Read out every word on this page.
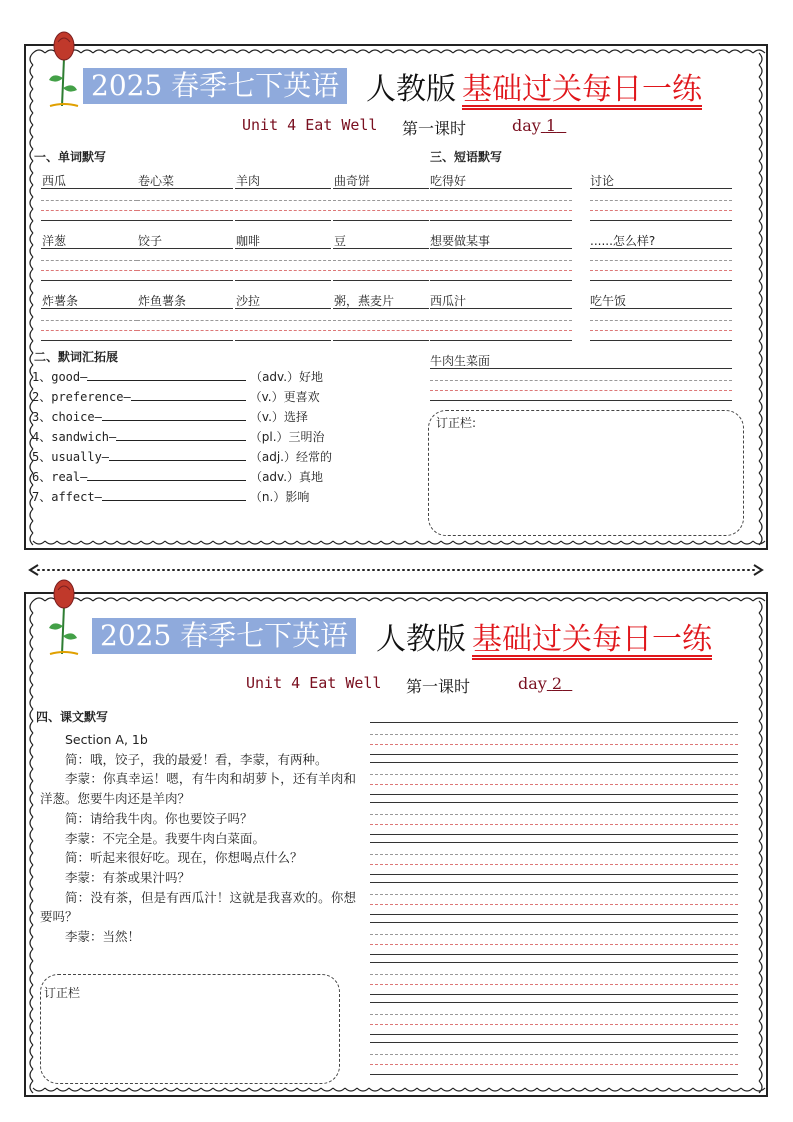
2025 春季七下英语 人教版 基础过关每日一练
Unit 4 Eat Well 第一课时	day 1
一、单词默写	三、短语默写
西瓜	卷心菜	羊肉	曲奇饼
洋葱	饺子	咖啡	豆
炸薯条	炸鱼薯条	沙拉	粥，燕麦片
吃得好	讨论
想要做某事	......怎么样?
西瓜汁	吃午饭
牛肉生菜面
二、默词汇拓展
1、good—	（adv.）好地
2、preference—	（v.）更喜欢
3、choice—	（v.）选择
4、sandwich—	（pl.）三明治
5、usually—	（adj.）经常的
6、real—	（adv.）真地
7、affect—	（n.）影响
订正栏:
2025 春季七下英语 人教版 基础过关每日一练
Unit 4 Eat Well 第一课时	day 2
四、课文默写

Section A, 1b

简：哦，饺子，我的最爱！看，李蒙，有两种。

李蒙：你真幸运！嗯，有牛肉和胡萝卜，还有羊肉和洋葱。您要牛肉还是羊肉？

简：请给我牛肉。你也要饺子吗？

李蒙：不完全是。我要牛肉白菜面。

简：听起来很好吃。现在，你想喝点什么？

李蒙：有茶或果汁吗？

简：没有茶，但是有西瓜汁！这就是我喜欢的。你想要吗？

李蒙：当然！

订正栏
